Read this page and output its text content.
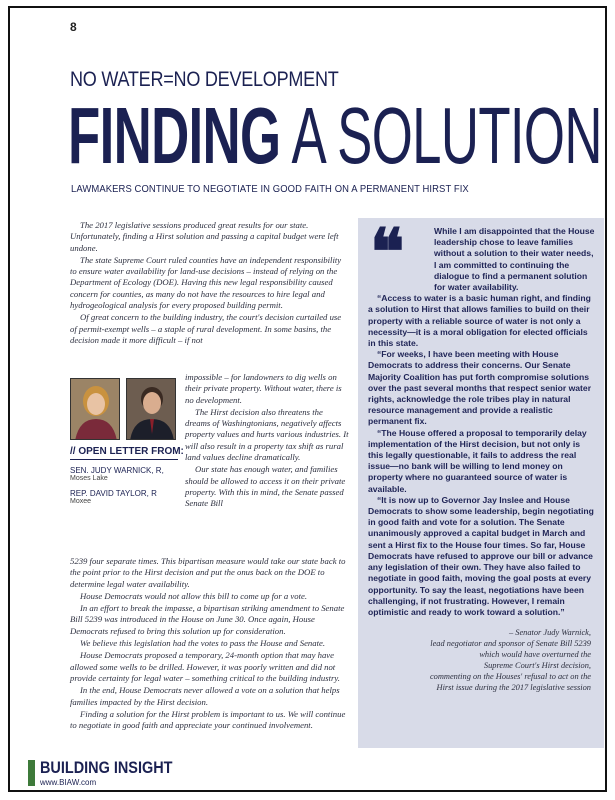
8
NO WATER=NO DEVELOPMENT
FINDING A SOLUTION
LAWMAKERS CONTINUE TO NEGOTIATE IN GOOD FAITH ON A PERMANENT HIRST FIX

The 2017 legislative sessions produced great results for our state. Unfortunately, finding a Hirst solution and passing a capital budget were left undone.

The state Supreme Court ruled counties have an independent responsibility to ensure water availability for land-use decisions – instead of relying on the Department of Ecology (DOE). Having this new legal responsibility caused concern for counties, as many do not have the resources to hire legal and hydrogeological analysis for every proposed building permit.

Of great concern to the building industry, the court's decision curtailed use of permit-exempt wells – a staple of rural development. In some basins, the decision made it more difficult – if not

// OPEN LETTER FROM:
SEN. JUDY WARNICK, R,
Moses Lake
REP. DAVID TAYLOR, R
Moxee

impossible – for landowners to dig wells on their private property. Without water, there is no development.

The Hirst decision also threatens the dreams of Washingtonians, negatively affects property values and hurts various industries. It will also result in a property tax shift as rural land values decline dramatically.

Our state has enough water, and families should be allowed to access it on their private property. With this in mind, the Senate passed Senate Bill

5239 four separate times. This bipartisan measure would take our state back to the point prior to the Hirst decision and put the onus back on the DOE to determine legal water availability.

House Democrats would not allow this bill to come up for a vote.

In an effort to break the impasse, a bipartisan striking amendment to Senate Bill 5239 was introduced in the House on June 30. Once again, House Democrats refused to bring this solution up for consideration.

We believe this legislation had the votes to pass the House and Senate.

House Democrats proposed a temporary, 24-month option that may have allowed some wells to be drilled. However, it was poorly written and did not provide certainty for legal water – something critical to the building industry.

In the end, House Democrats never allowed a vote on a solution that helps families impacted by the Hirst decision.

Finding a solution for the Hirst problem is important to us. We will continue to negotiate in good faith and appreciate your continued involvement.

❝	While I am disappointed that the House leadership chose to leave families without a solution to their water needs, I am committed to continuing the dialogue to find a permanent solution for water availability.

“Access to water is a basic human right, and finding a solution to Hirst that allows families to build on their property with a reliable source of water is not only a necessity—it is a moral obligation for elected officials in this state.

“For weeks, I have been meeting with House Democrats to address their concerns. Our Senate Majority Coalition has put forth compromise solutions over the past several months that respect senior water rights, acknowledge the role tribes play in natural resource management and provide a realistic permanent fix.

“The House offered a proposal to temporarily delay implementation of the Hirst decision, but not only is this legally questionable, it fails to address the real issue—no bank will be willing to lend money on property where no guaranteed source of water is available.

“It is now up to Governor Jay Inslee and House Democrats to show some leadership, begin negotiating in good faith and vote for a solution. The Senate unanimously approved a capital budget in March and sent a Hirst fix to the House four times. So far, House Democrats have refused to approve our bill or advance any legislation of their own. They have also failed to negotiate in good faith, moving the goal posts at every opportunity. To say the least, negotiations have been challenging, if not frustrating. However, I remain optimistic and ready to work toward a solution.”

– Senator Judy Warnick,
lead negotiator and sponsor of Senate Bill 5239
which would have overturned the
Supreme Court's Hirst decision,
commenting on the Houses' refusal to act on the
Hirst issue during the 2017 legislative session
BUILDING INSIGHT
www.BIAW.com
